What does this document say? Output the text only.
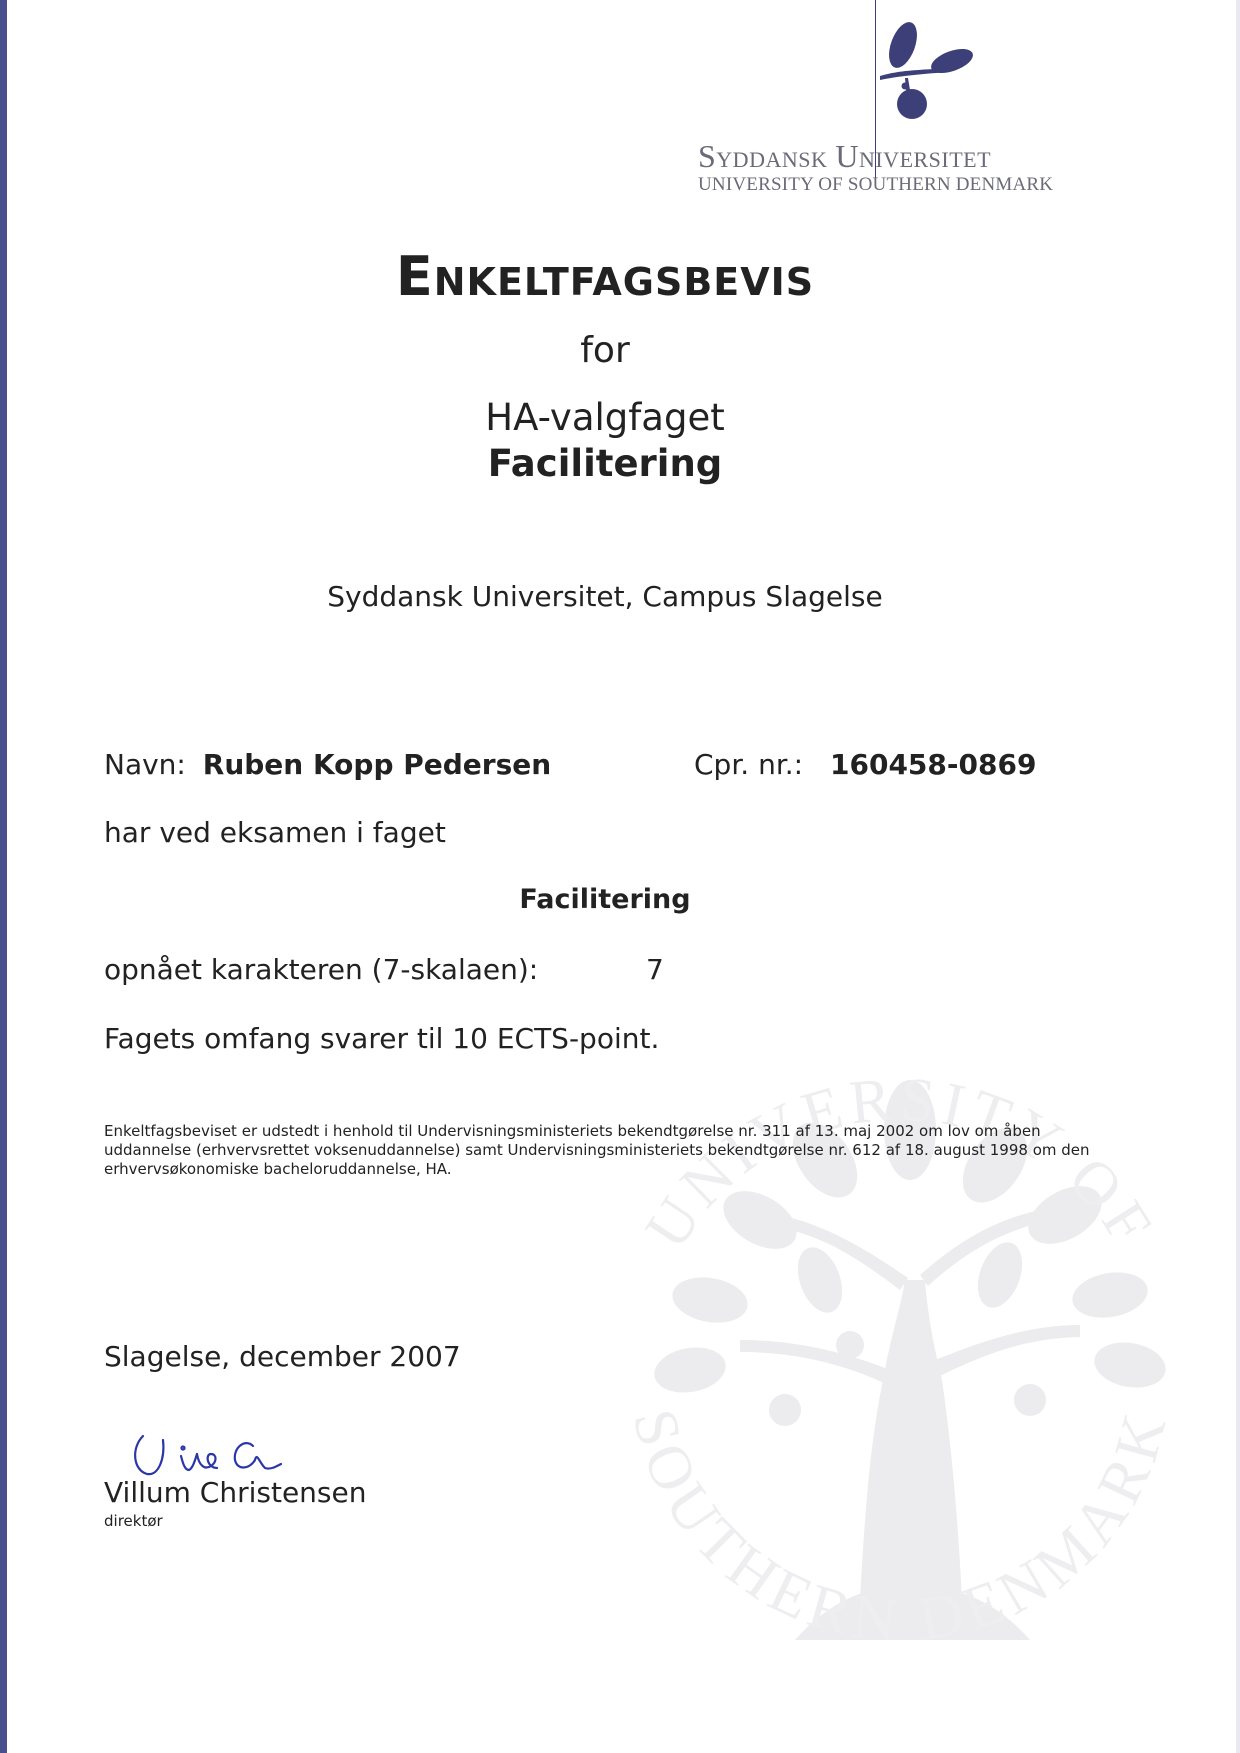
UNIVERSITY OF
SOUTHERN DENMARK
Syddansk Universitet
UNIVERSITY OF SOUTHERN DENMARK
Enkeltfagsbevis
for
HA-valgfaget
Facilitering
Syddansk Universitet, Campus Slagelse
Navn: Ruben Kopp Pedersen	Cpr. nr.: 160458-0869
har ved eksamen i faget
Facilitering
opnået karakteren (7-skalaen):	7
Fagets omfang svarer til 10 ECTS-point.
Enkeltfagsbeviset er udstedt i henhold til Undervisningsministeriets bekendtgørelse nr. 311 af 13. maj 2002 om lov om åben uddannelse (erhvervsrettet voksenuddannelse) samt Undervisningsministeriets bekendtgørelse nr. 612 af 18. august 1998 om den erhvervsøkonomiske bacheloruddannelse, HA.
Slagelse, december 2007
Villum Christensen
direktør
